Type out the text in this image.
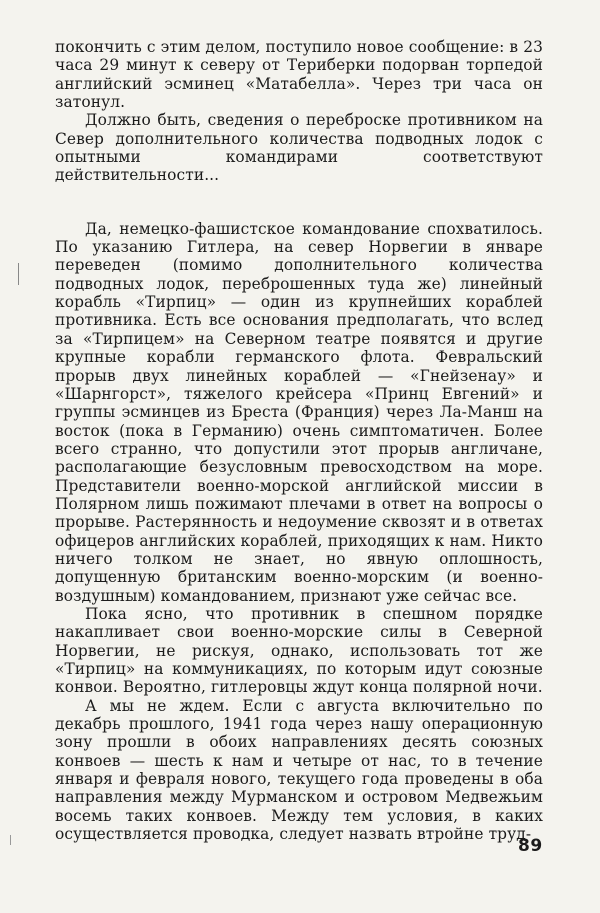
покончить с этим делом, поступило новое сообщение: в 23 часа 29 минут к северу от Териберки подорван торпедой английский эсминец «Матабелла». Через три часа он затонул.

Должно быть, сведения о переброске противником на Север дополнительного количества подводных лодок с опытными командирами соответствуют действительности...

Да, немецко-фашистское командование спохватилось. По указанию Гитлера, на север Норвегии в январе переведен (помимо дополнительного количества подводных лодок, переброшенных туда же) линейный корабль «Тирпиц» — один из крупнейших кораблей противника. Есть все основания предполагать, что вслед за «Тирпицем» на Северном театре появятся и другие крупные корабли германского флота. Февральский прорыв двух линейных кораблей — «Гнейзенау» и «Шарнгорст», тяжелого крейсера «Принц Евгений» и группы эсминцев из Бреста (Франция) через Ла-Манш на восток (пока в Германию) очень симптоматичен. Более всего странно, что допустили этот прорыв англичане, располагающие безусловным превосходством на море. Представители военно-морской английской миссии в Полярном лишь пожимают плечами в ответ на вопросы о прорыве. Растерянность и недоумение сквозят и в ответах офицеров английских кораблей, приходящих к нам. Никто ничего толком не знает, но явную оплошность, допущенную британским военно-морским (и военно-воздушным) командованием, признают уже сейчас все.

Пока ясно, что противник в спешном порядке накапливает свои военно-морские силы в Северной Норвегии, не рискуя, однако, использовать тот же «Тирпиц» на коммуникациях, по которым идут союзные конвои. Вероятно, гитлеровцы ждут конца полярной ночи.

А мы не ждем. Если с августа включительно по декабрь прошлого, 1941 года через нашу операционную зону прошли в обоих направлениях десять союзных конвоев — шесть к нам и четыре от нас, то в течение января и февраля нового, текущего года проведены в оба направления между Мурманском и островом Медвежьим восемь таких конвоев. Между тем условия, в каких осуществляется проводка, следует назвать втройне труд-

89
